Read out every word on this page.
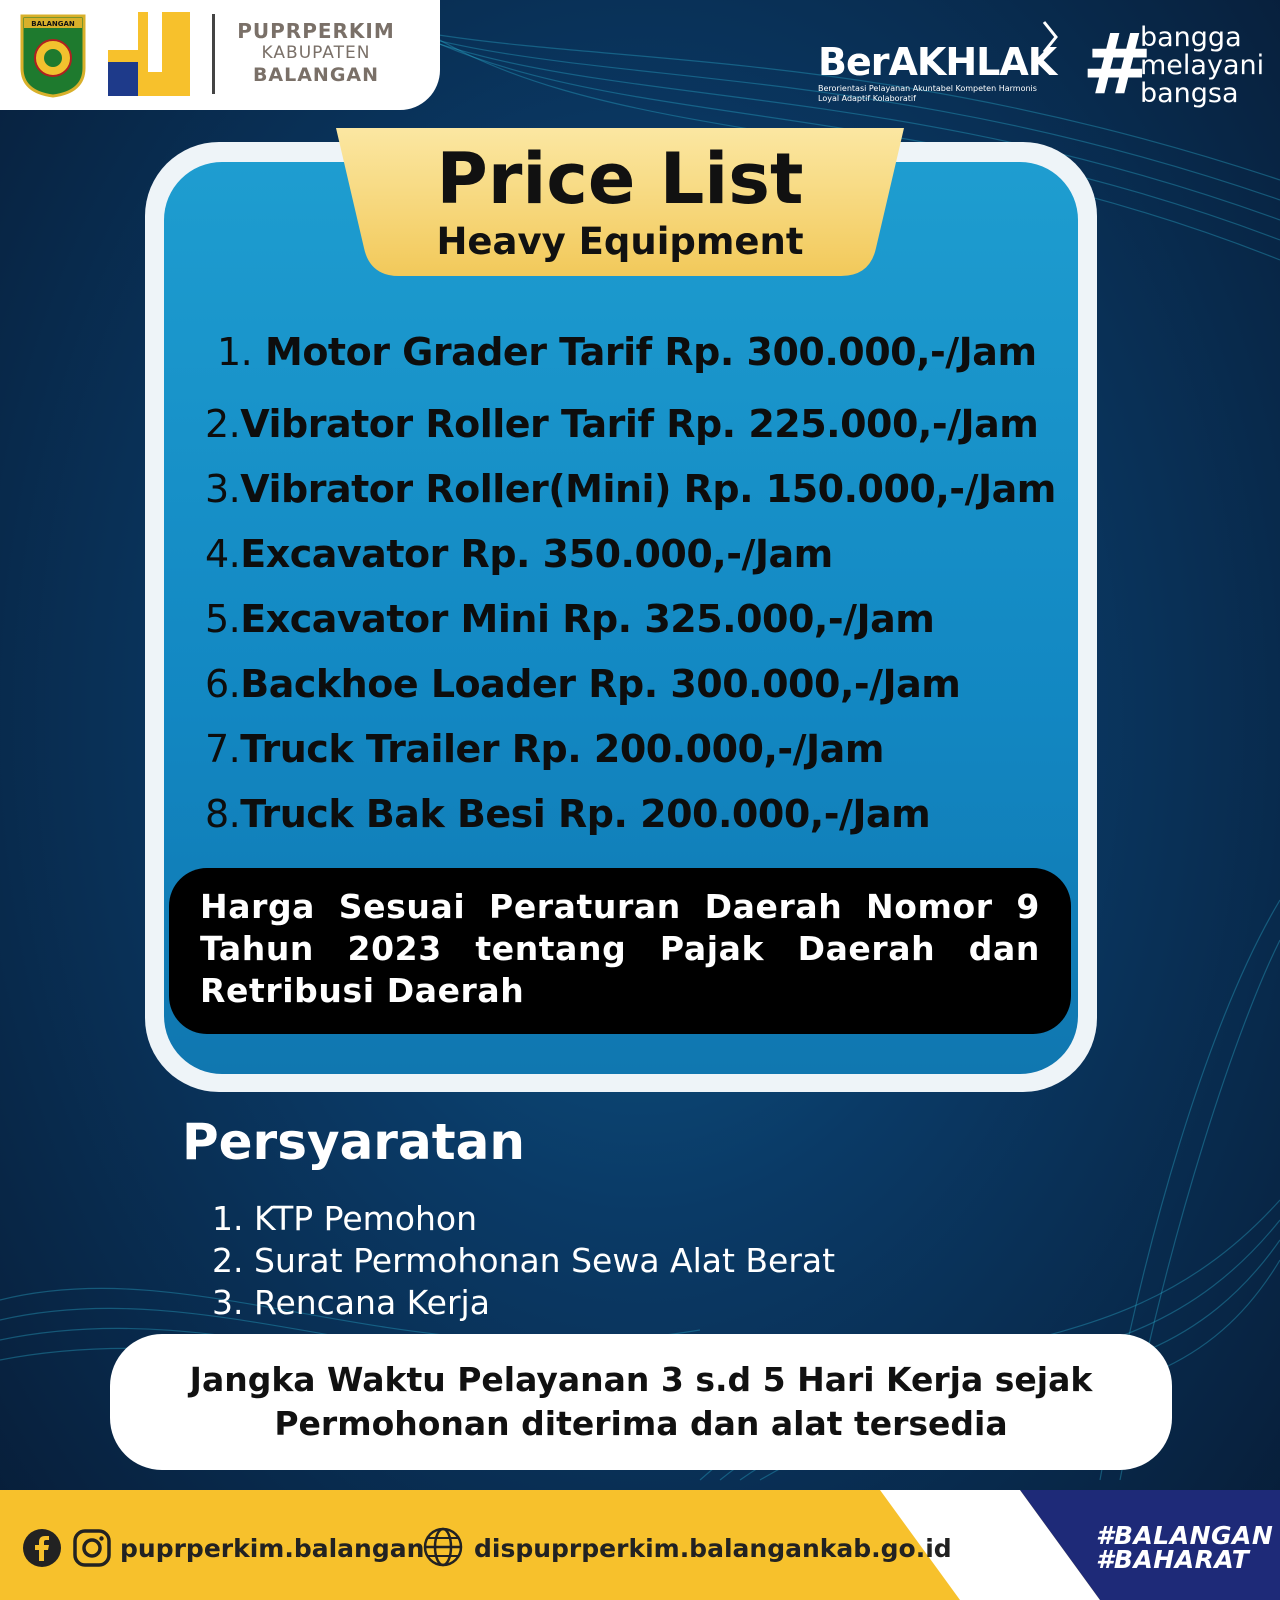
BALANGAN	PUPRPERKIM
KABUPATEN
BALANGAN	BerAKHLAK
Berorientasi Pelayanan Akuntabel Kompeten Harmonis Loyal Adaptif Kolaboratif	#
bangga
melayani
bangsa
Price List
Heavy Equipment
1. Motor Grader Tarif Rp. 300.000,-/Jam
2.Vibrator Roller Tarif Rp. 225.000,-/Jam
3.Vibrator Roller(Mini) Rp. 150.000,-/Jam
4.Excavator Rp. 350.000,-/Jam
5.Excavator Mini Rp. 325.000,-/Jam
6.Backhoe Loader Rp. 300.000,-/Jam
7.Truck Trailer Rp. 200.000,-/Jam
8.Truck Bak Besi Rp. 200.000,-/Jam
Harga Sesuai Peraturan Daerah Nomor 9 Tahun 2023 tentang Pajak Daerah dan Retribusi Daerah
Persyaratan
1. KTP Pemohon
2. Surat Permohonan Sewa Alat Berat
3. Rencana Kerja
Jangka Waktu Pelayanan 3 s.d 5 Hari Kerja sejak
Permohonan diterima dan alat tersedia
puprperkim.balangan dispuprperkim.balangankab.go.id	#BALANGAN
#BAHARAT
